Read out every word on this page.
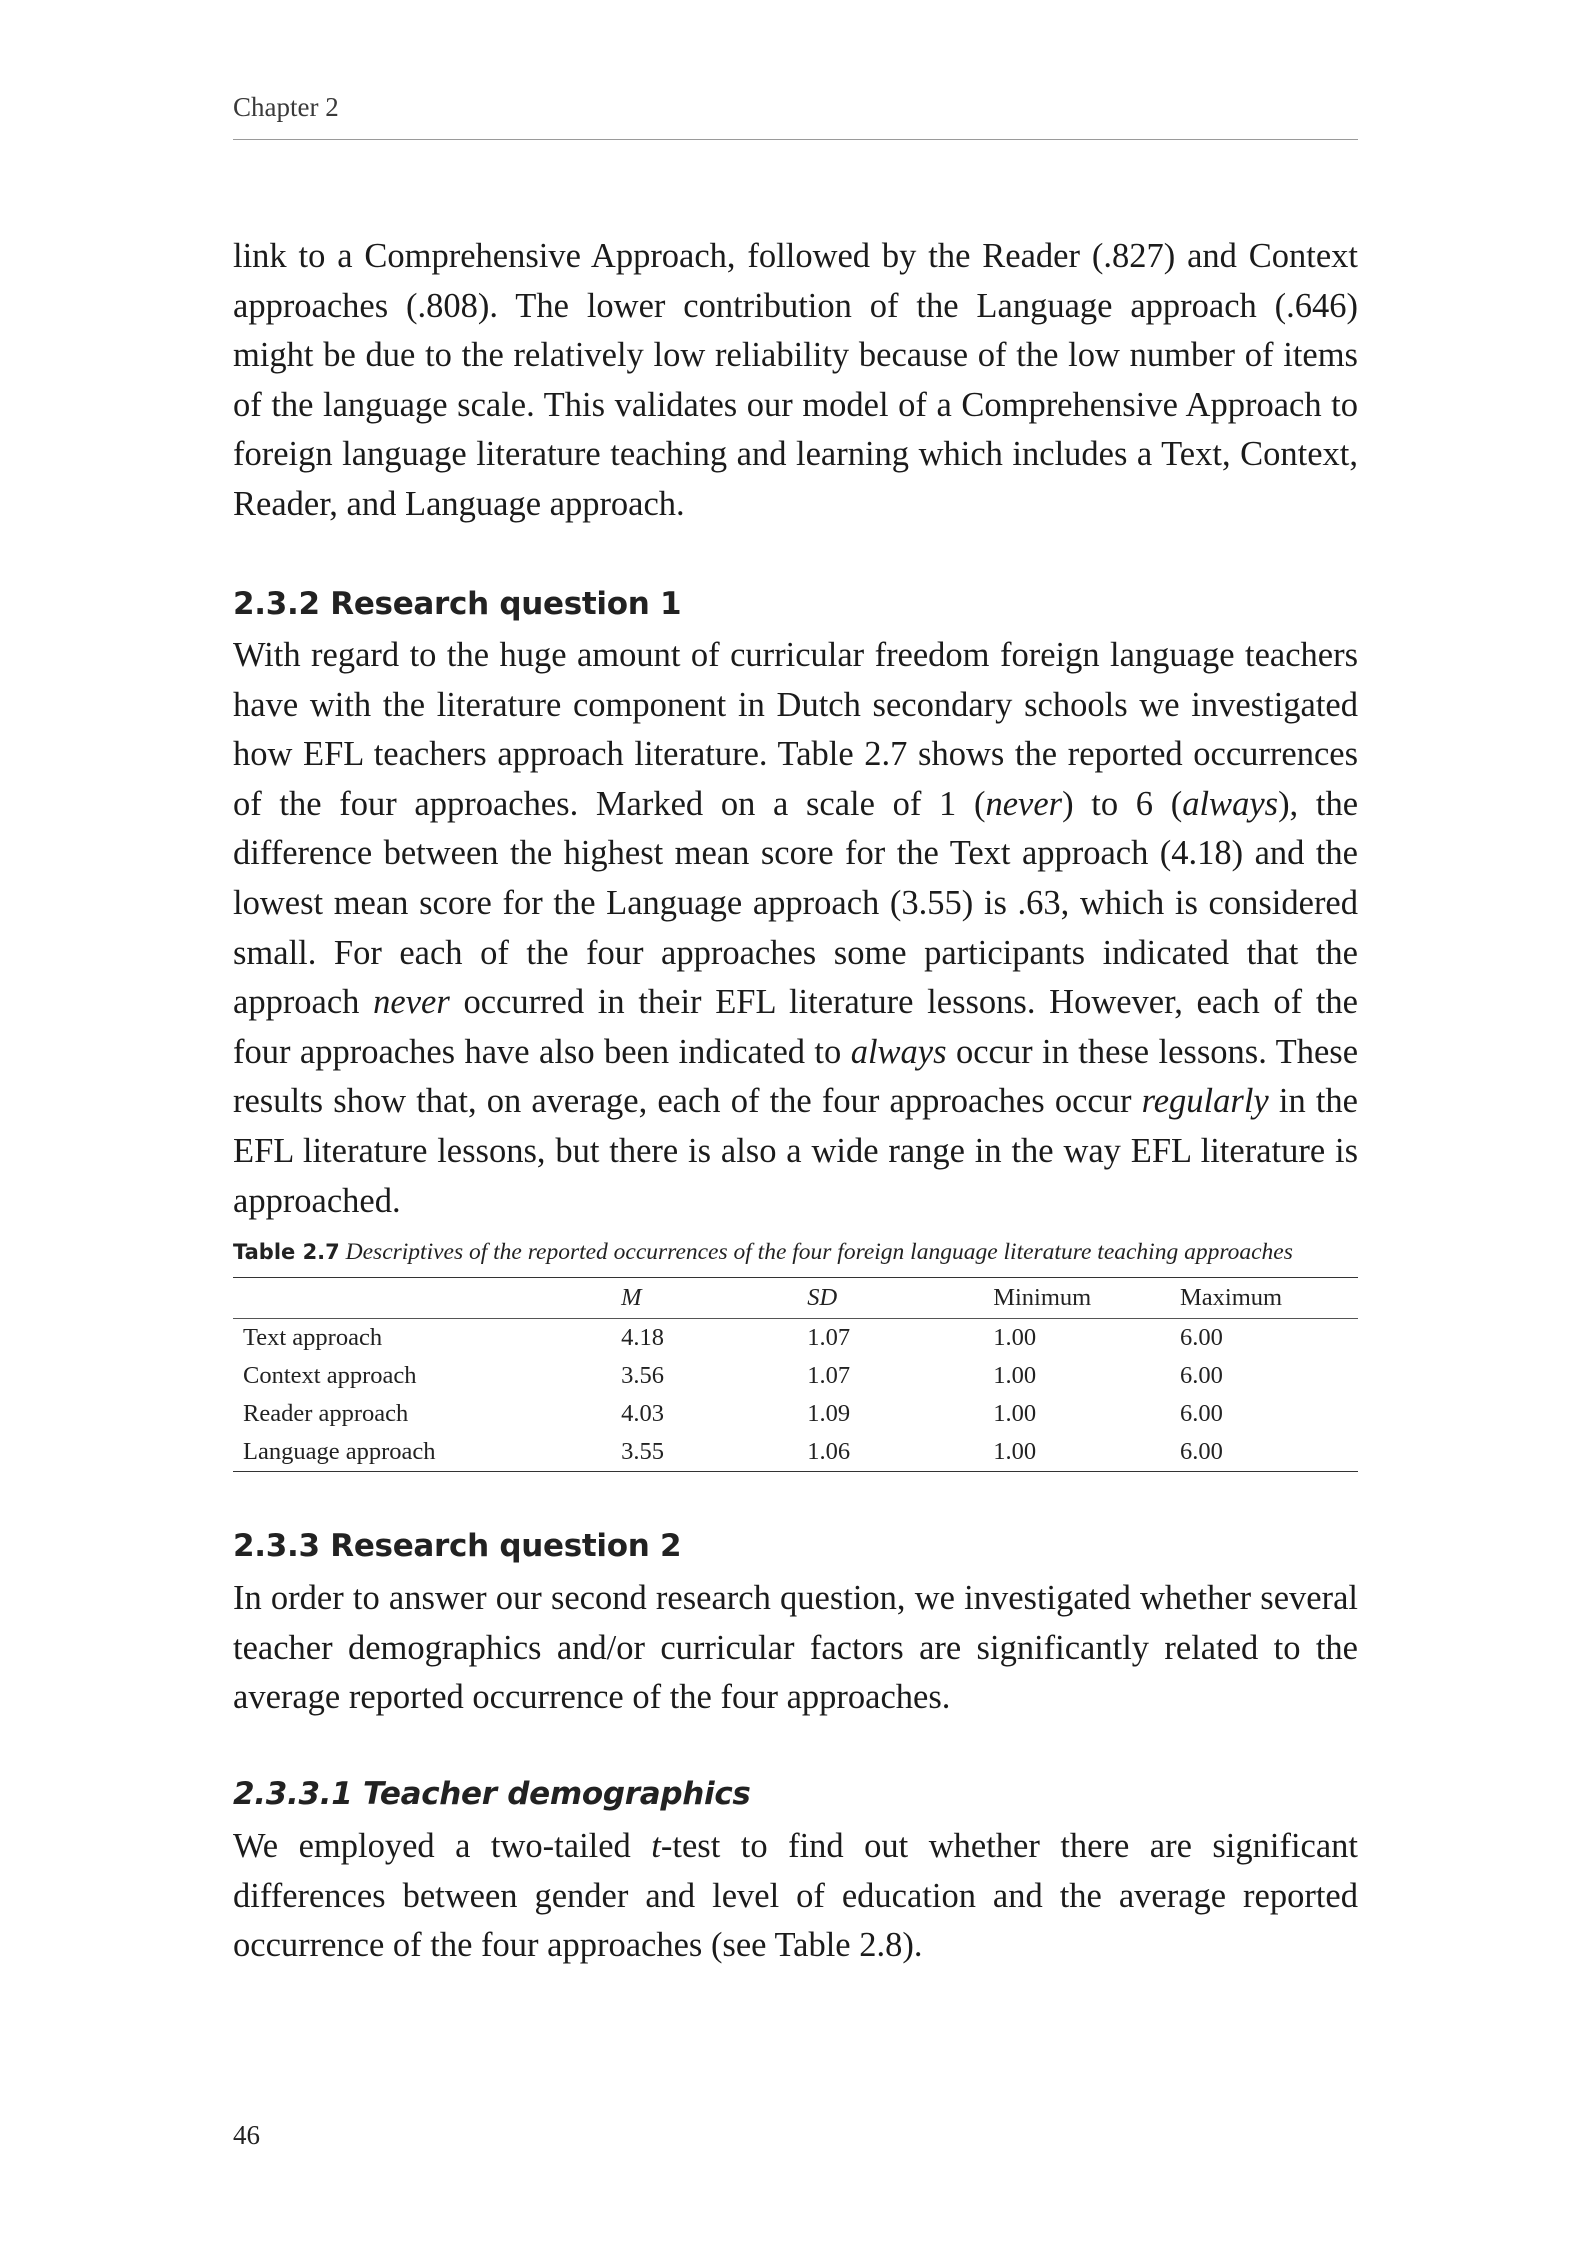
Chapter 2

link to a Comprehensive Approach, followed by the Reader (.827) and Context approaches (.808). The lower contribution of the Language approach (.646) might be due to the relatively low reliability because of the low number of items of the language scale. This validates our model of a Comprehensive Approach to foreign language literature teaching and learning which includes a Text, Context, Reader, and Language approach.

2.3.2 Research question 1

With regard to the huge amount of curricular freedom foreign language teachers have with the literature component in Dutch secondary schools we investigated how EFL teachers approach literature. Table 2.7 shows the reported occurrences of the four approaches. Marked on a scale of 1 (never) to 6 (always), the difference between the highest mean score for the Text approach (4.18) and the lowest mean score for the Language approach (3.55) is .63, which is considered small. For each of the four approaches some participants indicated that the approach never occurred in their EFL literature lessons. However, each of the four approaches have also been indicated to always occur in these lessons. These results show that, on average, each of the four approaches occur regularly in the EFL literature lessons, but there is also a wide range in the way EFL literature is approached.

Table 2.7 Descriptives of the reported occurrences of the four foreign language literature teaching approaches
	M	SD	Minimum	Maximum
Text approach	4.18	1.07	1.00	6.00
Context approach	3.56	1.07	1.00	6.00
Reader approach	4.03	1.09	1.00	6.00
Language approach	3.55	1.06	1.00	6.00
2.3.3 Research question 2

In order to answer our second research question, we investigated whether several teacher demographics and/or curricular factors are significantly related to the average reported occurrence of the four approaches.

2.3.3.1 Teacher demographics

We employed a two-tailed t-test to find out whether there are significant differences between gender and level of education and the average reported occurrence of the four approaches (see Table 2.8).

46
